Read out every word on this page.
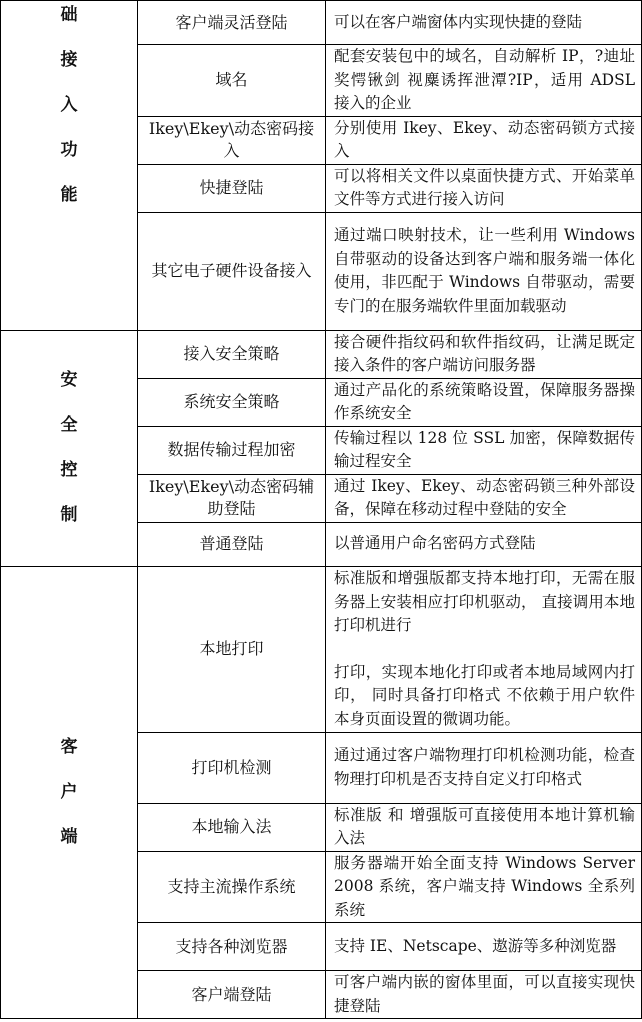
础
接
入
功
能	客户端灵活登陆	可以在客户端窗体内实现快捷的登陆

	域名	配套安装包中的域名，自动解析 IP，?迪址奖愕锹剑 视麋诱挥泄潭?IP，适用 ADSL 接入的企业

	Ikey\Ekey\动态密码接入	分别使用 Ikey、Ekey、动态密码锁方式接入

	快捷登陆	可以将相关文件以桌面快捷方式、开始菜单文件等方式进行接入访问

	其它电子硬件设备接入	通过端口映射技术，让一些利用 Windows 自带驱动的设备达到客户端和服务端一体化使用，非匹配于 Windows 自带驱动，需要专门的在服务端软件里面加载驱动

安
全
控
制	接入安全策略	接合硬件指纹码和软件指纹码，让满足既定接入条件的客户端访问服务器

	系统安全策略	通过产品化的系统策略设置，保障服务器操作系统安全

	数据传输过程加密	传输过程以 128 位 SSL 加密，保障数据传输过程安全

	Ikey\Ekey\动态密码辅助登陆	通过 Ikey、Ekey、动态密码锁三种外部设备，保障在移动过程中登陆的安全

	普通登陆	以普通用户命名密码方式登陆

客
户
端	本地打印	标准版和增强版都支持本地打印，无需在服务器上安装相应打印机驱动， 直接调用本地打印机进行
打印，实现本地化打印或者本地局域网内打印， 同时具备打印格式 不依赖于用户软件本身页面设置的微调功能。

	打印机检测	通过通过客户端物理打印机检测功能，检查物理打印机是否支持自定义打印格式

	本地输入法	标准版 和 增强版可直接使用本地计算机输入法

	支持主流操作系统	服务器端开始全面支持 Windows Server 2008 系统，客户端支持 Windows 全系列系统

	支持各种浏览器	支持 IE、Netscape、遨游等多种浏览器

	客户端登陆	可客户端内嵌的窗体里面，可以直接实现快捷登陆
